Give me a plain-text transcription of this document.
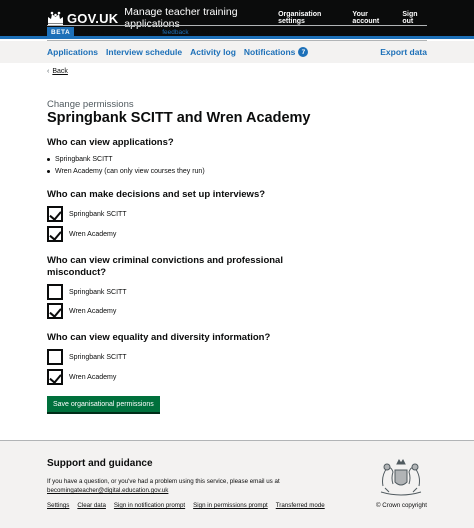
GOV.UK Manage teacher training applications
Organisation settings
Your account
Sign out
BETA	This is a new service – your feedback will help us to improve it.
Applications Interview schedule Activity log Notifications 7	Export data
‹ Back
Change permissions
Springbank SCITT and Wren Academy
Who can view applications?
Springbank SCITT
Wren Academy (can only view courses they run)
Who can make decisions and set up interviews?
Springbank SCITT
Wren Academy
Who can view criminal convictions and professional misconduct?
Springbank SCITT
Wren Academy
Who can view equality and diversity information?
Springbank SCITT
Wren Academy
Save organisational permissions
Support and guidance
If you have a question, or you've had a problem using this service, please email us at becomingateacher@digital.education.gov.uk
Settings Clear data Sign in notification prompt Sign in permissions prompt Transferred mode	© Crown copyright
